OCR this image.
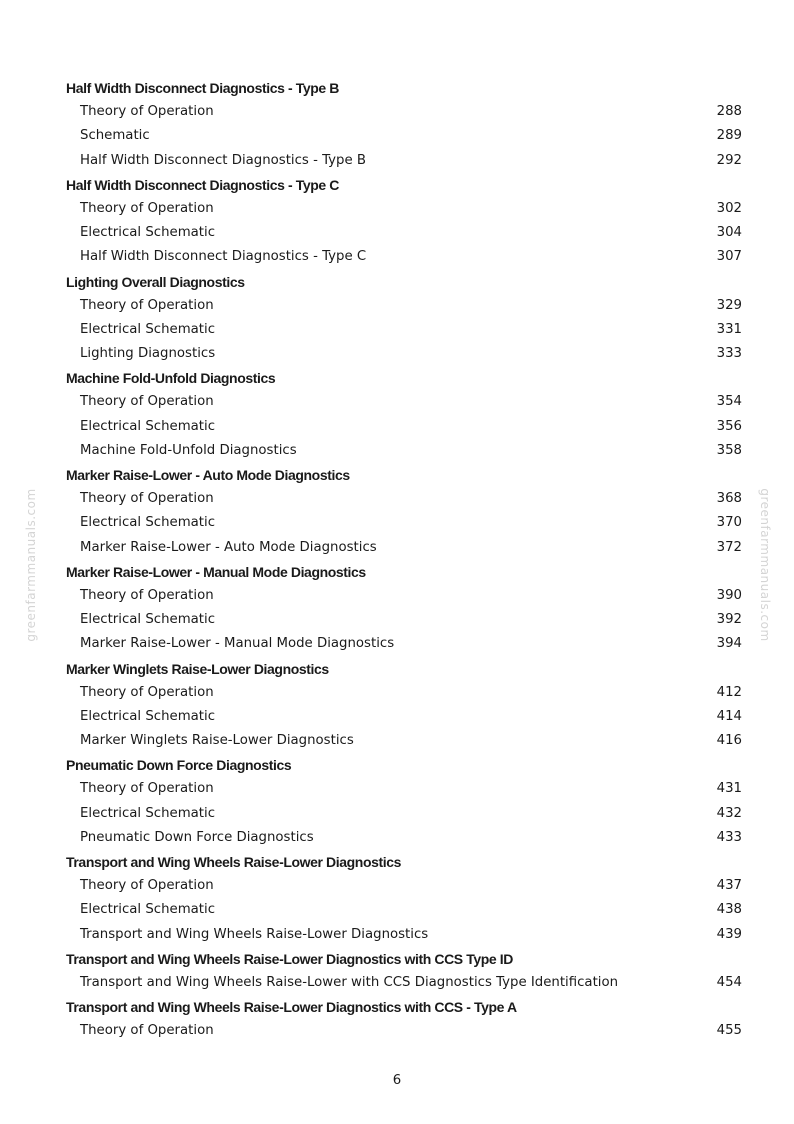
greenfarmmanuals.com	greenfarmmanuals.com
Half Width Disconnect Diagnostics - Type B
Theory of Operation	288
Schematic	289
Half Width Disconnect Diagnostics - Type B	292
Half Width Disconnect Diagnostics - Type C
Theory of Operation	302
Electrical Schematic	304
Half Width Disconnect Diagnostics - Type C	307
Lighting Overall Diagnostics
Theory of Operation	329
Electrical Schematic	331
Lighting Diagnostics	333
Machine Fold-Unfold Diagnostics
Theory of Operation	354
Electrical Schematic	356
Machine Fold-Unfold Diagnostics	358
Marker Raise-Lower - Auto Mode Diagnostics
Theory of Operation	368
Electrical Schematic	370
Marker Raise-Lower - Auto Mode Diagnostics	372
Marker Raise-Lower - Manual Mode Diagnostics
Theory of Operation	390
Electrical Schematic	392
Marker Raise-Lower - Manual Mode Diagnostics	394
Marker Winglets Raise-Lower Diagnostics
Theory of Operation	412
Electrical Schematic	414
Marker Winglets Raise-Lower Diagnostics	416
Pneumatic Down Force Diagnostics
Theory of Operation	431
Electrical Schematic	432
Pneumatic Down Force Diagnostics	433
Transport and Wing Wheels Raise-Lower Diagnostics
Theory of Operation	437
Electrical Schematic	438
Transport and Wing Wheels Raise-Lower Diagnostics	439
Transport and Wing Wheels Raise-Lower Diagnostics with CCS Type ID
Transport and Wing Wheels Raise-Lower with CCS Diagnostics Type Identification	454
Transport and Wing Wheels Raise-Lower Diagnostics with CCS - Type A
Theory of Operation	455
6
